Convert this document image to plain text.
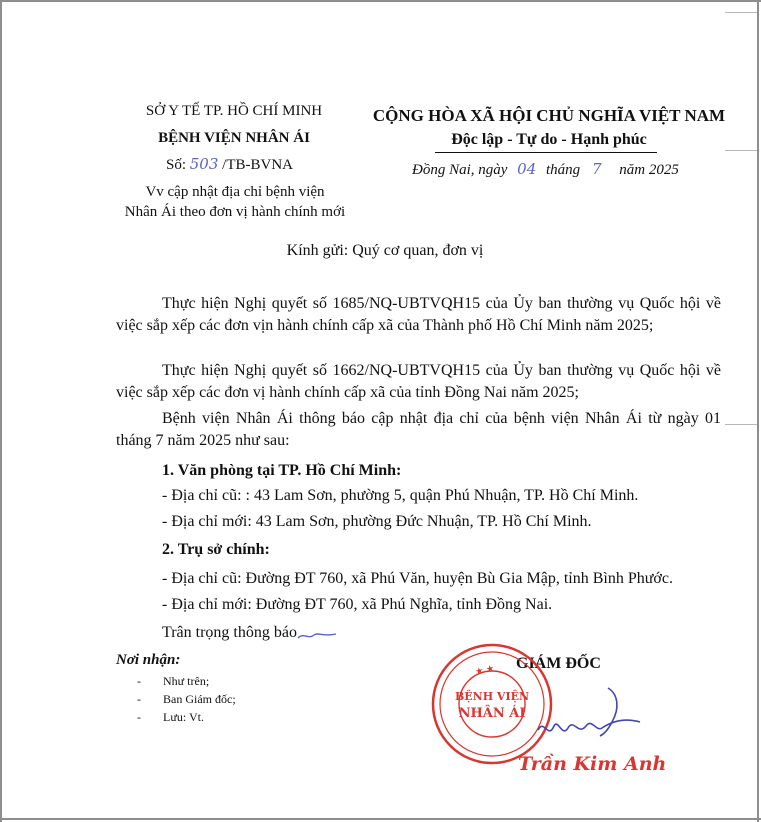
SỞ Y TẾ TP. HỒ CHÍ MINH
BỆNH VIỆN NHÂN ÁI
Số: 503 /TB-BVNA
Vv cập nhật địa chỉ bệnh viện
Nhân Ái theo đơn vị hành chính mới
CỘNG HÒA XÃ HỘI CHỦ NGHĨA VIỆT NAM
Độc lập - Tự do - Hạnh phúc
Đồng Nai, ngày 04 tháng 7 năm 2025
Kính gửi: Quý cơ quan, đơn vị
Thực hiện Nghị quyết số 1685/NQ-UBTVQH15 của Ủy ban thường vụ Quốc hội về việc sắp xếp các đơn vịn hành chính cấp xã của Thành phố Hồ Chí Minh năm 2025;
Thực hiện Nghị quyết số 1662/NQ-UBTVQH15 của Ủy ban thường vụ Quốc hội về việc sắp xếp các đơn vị hành chính cấp xã của tỉnh Đồng Nai năm 2025;
Bệnh viện Nhân Ái thông báo cập nhật địa chỉ của bệnh viện Nhân Ái từ ngày 01 tháng 7 năm 2025 như sau:
1. Văn phòng tại TP. Hồ Chí Minh:
- Địa chỉ cũ: : 43 Lam Sơn, phường 5, quận Phú Nhuận, TP. Hồ Chí Minh.
- Địa chỉ mới: 43 Lam Sơn, phường Đức Nhuận, TP. Hồ Chí Minh.
2. Trụ sở chính:
- Địa chỉ cũ: Đường ĐT 760, xã Phú Văn, huyện Bù Gia Mập, tỉnh Bình Phước.
- Địa chỉ mới: Đường ĐT 760, xã Phú Nghĩa, tỉnh Đồng Nai.
Trân trọng thông báo
Nơi nhận:
-	Như trên;
-	Ban Giám đốc;
-	Lưu: Vt.
GIÁM ĐỐC
★ ★
BỆNH VIỆN
NHÂN ÁI
Trần Kim Anh
